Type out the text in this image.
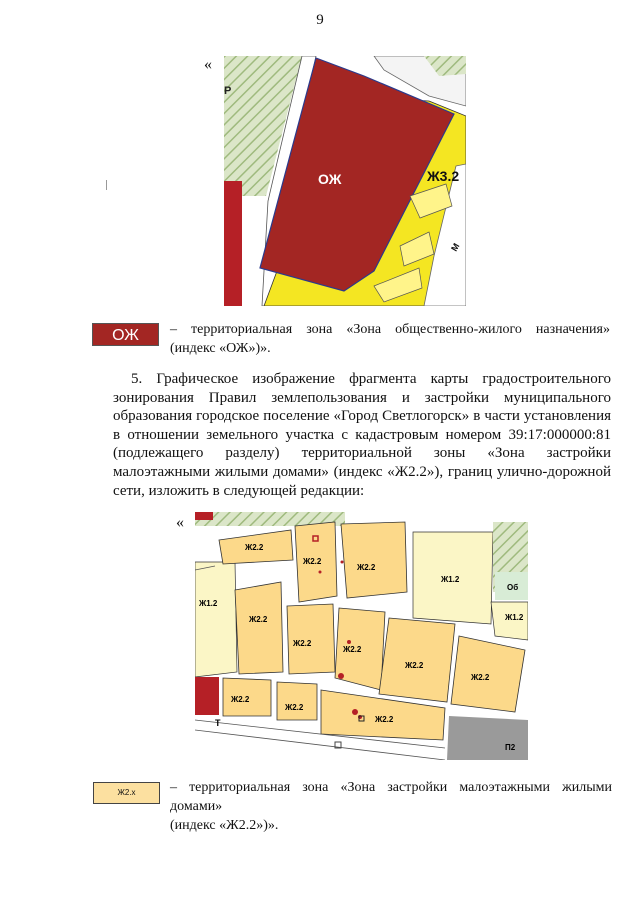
9
«
ОЖ	Ж3.2
Р
М
ОЖ	– территориальная зона «Зона общественно-жилого назначения»
(индекс «ОЖ»)».
5. Графическое изображение фрагмента карты градостроительного зонирования Правил землепользования и застройки муниципального образования городское поселение «Город Светлогорск» в части установления в отношении земельного участка с кадастровым номером 39:17:000000:81 (подлежащего разделу) территориальной зоны «Зона застройки малоэтажными жилыми домами» (индекс «Ж2.2»), границ улично-дорожной сети, изложить в следующей редакции:
«
Ж2.2
Ж2.2
Ж2.2
Ж1.2
Об
Ж1.2
Ж2.2
Ж2.2
Ж2.2
Ж2.2
Ж1.2
Ж2.2
Ж2.2
Ж2.2
Ж2.2
Т
П2
Ж2.х	– территориальная зона «Зона застройки малоэтажными жилыми домами»
(индекс «Ж2.2»)».
